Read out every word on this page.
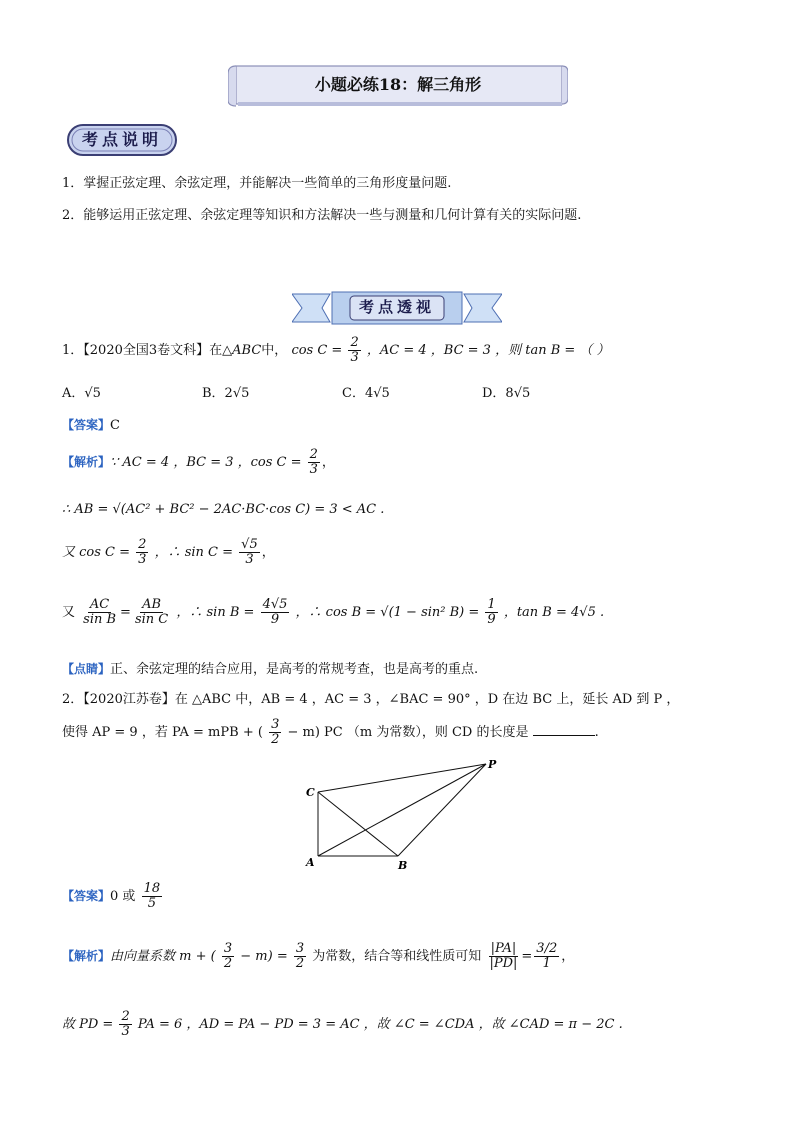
小题必练18：解三角形
考点说明
1．掌握正弦定理、余弦定理，并能解决一些简单的三角形度量问题.
2．能够运用正弦定理、余弦定理等知识和方法解决一些与测量和几何计算有关的实际问题.
考点透视
1．【2020全国3卷文科】在△ABC中， $\cos C = \frac{2}{3}$ ，AC = 4 ，BC = 3 ，则 tan B = （ ）
A．√5	B．2√5	C．4√5	D．8√5
【答案】C
【解析】∵ AC = 4 ，BC = 3 ，$\cos C = \frac{2}{3}$ ，
∴ AB = √(AC² + BC² − 2AC·BC·cos C) = 3 < AC .
又 $\cos C = \frac{2}{3}$ ，∴ $\sin C = \frac{√5}{3}$ ，
又 $\frac{AC}{\text{sin B}} = \frac{AB}{\text{sin C}}$ ，∴ $\sin B = \frac{4√5}{9}$ ，∴ cos B = √(1 − sin² $B) = \frac{1}{9}$ ，tan B = 4√5 .
【点睛】正、余弦定理的结合应用，是高考的常规考查，也是高考的重点.
2．【2020江苏卷】在 △ABC 中，AB = 4 ，AC = 3 ，∠BAC = 90° ，D 在边 BC 上，延长 AD 到 P ，
使得 AP = 9 ，若 PA = mPB + ( $\frac{3}{2} - m$) PC （m 为常数），则 CD 的长度是	.
C
P
A	B
【答案】0 或 $\frac{18}{5}$
【解析】由向量系数 m + ( $\frac{3}{2} - m) = \frac{3}{2}$ 为常数，结合等和线性质可知 $\frac{|PA|}{|PD|} = \frac{3/2}{1}$ ，
故 PD = $\frac{2}{3}$ PA = 6 ，AD = PA − PD = 3 = AC ，故 ∠C = ∠CDA ，故 ∠CAD = π − 2C .
